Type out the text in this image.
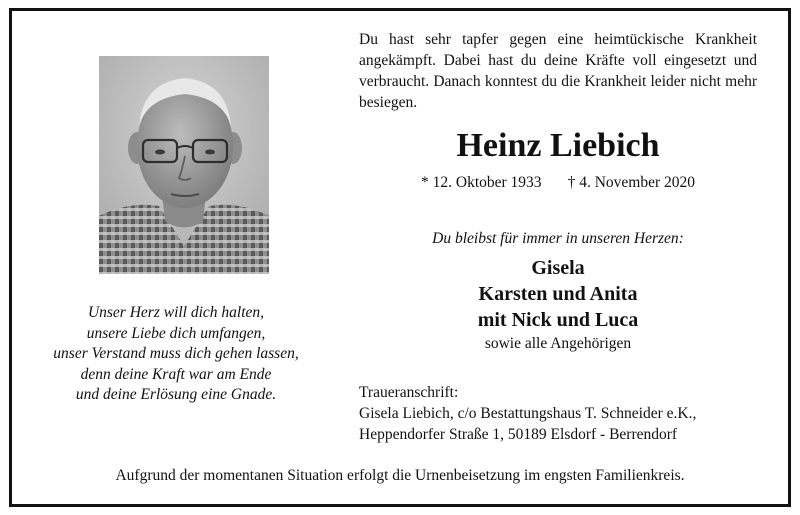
Unser Herz will dich halten,
unsere Liebe dich umfangen,
unser Verstand muss dich gehen lassen,
denn deine Kraft war am Ende
und deine Erlösung eine Gnade.
Du hast sehr tapfer gegen eine heimtückische Krankheit angekämpft. Dabei hast du deine Kräfte voll eingesetzt und verbraucht. Danach konntest du die Krankheit leider nicht mehr besiegen.
Heinz Liebich
* 12. Oktober 1933 † 4. November 2020
Du bleibst für immer in unseren Herzen:
Gisela
Karsten und Anita
mit Nick und Luca
sowie alle Angehörigen
Traueranschrift:
Gisela Liebich, c/o Bestattungshaus T. Schneider e.K.,
Heppendorfer Straße 1, 50189 Elsdorf - Berrendorf
Aufgrund der momentanen Situation erfolgt die Urnenbeisetzung im engsten Familienkreis.
